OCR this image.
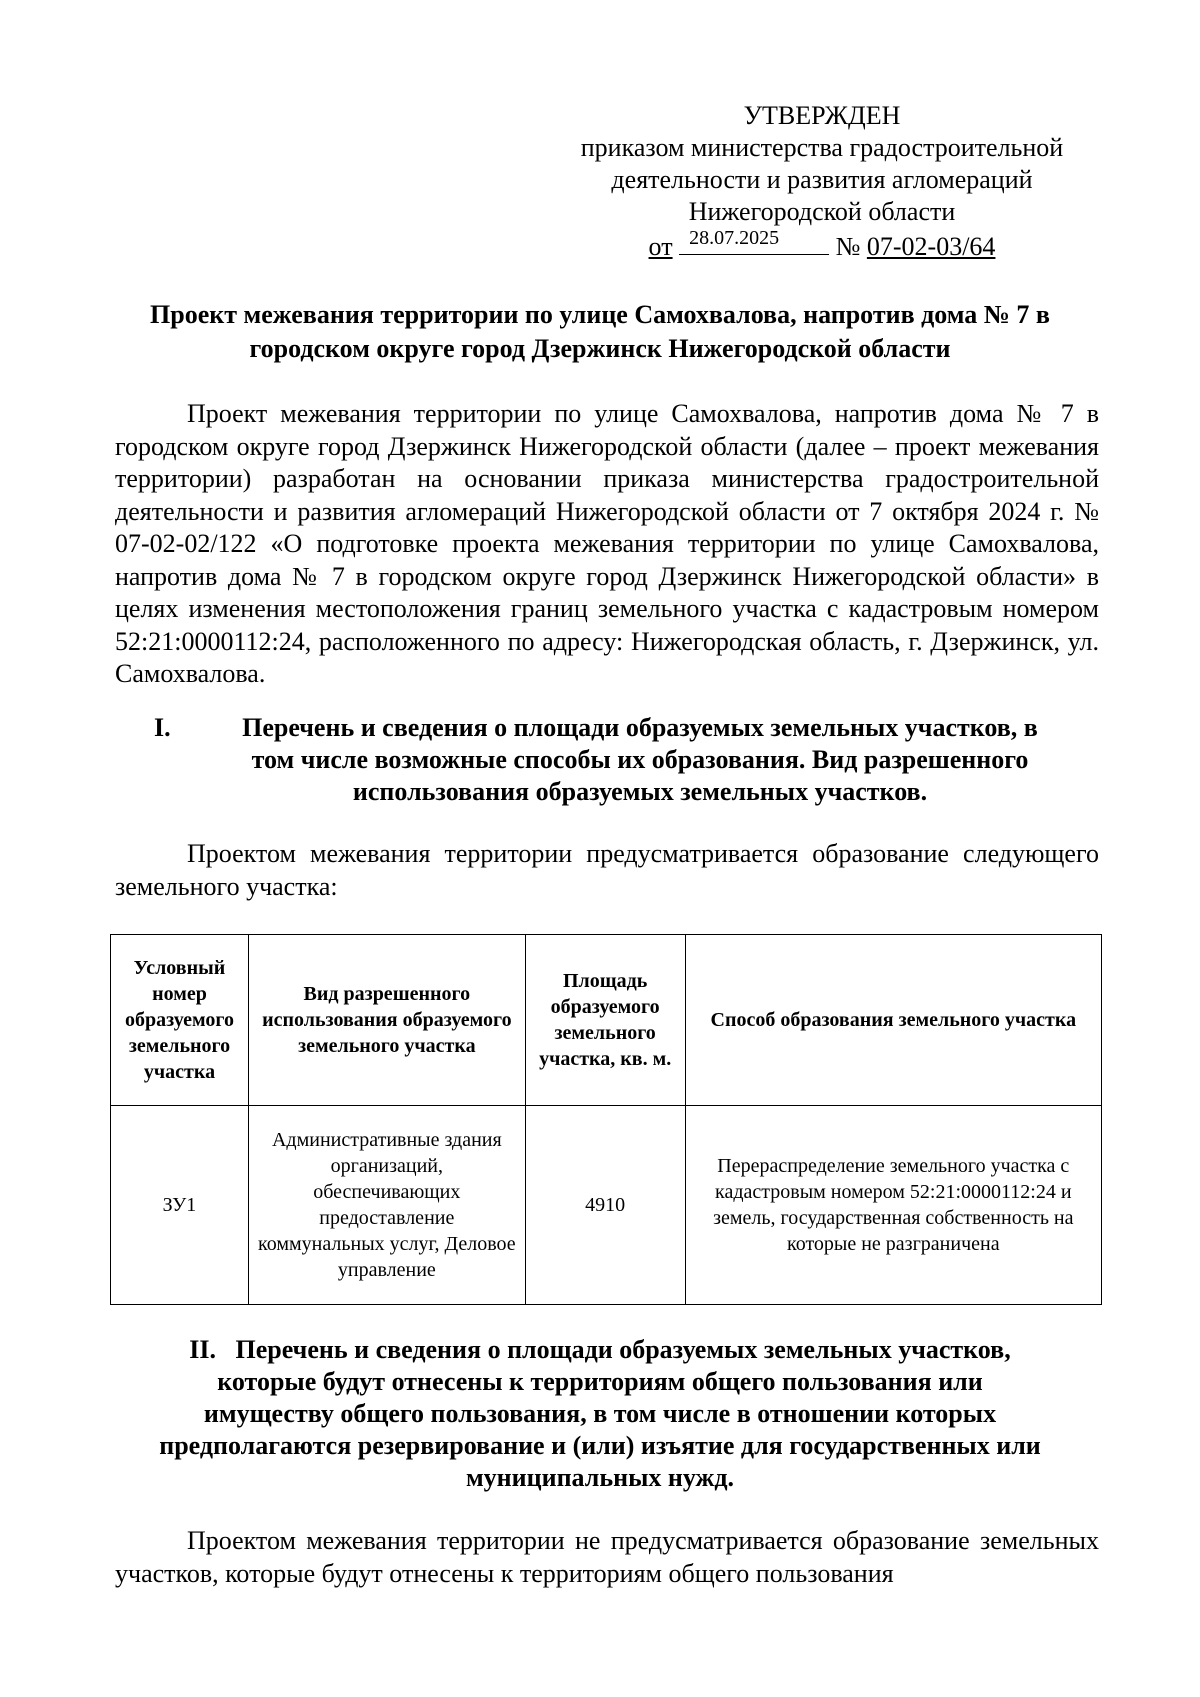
УТВЕРЖДЕН
приказом министерства градостроительной
деятельности и развития агломераций
Нижегородской области
от 28.07.2025 № 07-02-03/64
Проект межевания территории по улице Самохвалова, напротив дома № 7 в
городском округе город Дзержинск Нижегородской области
Проект межевания территории по улице Самохвалова, напротив дома № 7 в городском округе город Дзержинск Нижегородской области (далее – проект межевания территории) разработан на основании приказа министерства градостроительной деятельности и развития агломераций Нижегородской области от 7 октября 2024 г. № 07-02-02/122 «О подготовке проекта межевания территории по улице Самохвалова, напротив дома № 7 в городском округе город Дзержинск Нижегородской области» в целях изменения местоположения границ земельного участка с кадастровым номером 52:21:0000112:24, расположенного по адресу: Нижегородская область, г. Дзержинск, ул. Самохвалова.
I.	Перечень и сведения о площади образуемых земельных участков, в
том числе возможные способы их образования. Вид разрешенного
использования образуемых земельных участков.
Проектом межевания территории предусматривается образование следующего земельного участка:
Условный номер образуемого земельного участка	Вид разрешенного использования образуемого земельного участка	Площадь образуемого земельного участка, кв. м.	Способ образования земельного участка
ЗУ1	Административные здания организаций, обеспечивающих предоставление коммунальных услуг, Деловое управление	4910	Перераспределение земельного участка с кадастровым номером 52:21:0000112:24 и земель, государственная собственность на которые не разграничена
II. Перечень и сведения о площади образуемых земельных участков,
которые будут отнесены к территориям общего пользования или
имуществу общего пользования, в том числе в отношении которых
предполагаются резервирование и (или) изъятие для государственных или
муниципальных нужд.
Проектом межевания территории не предусматривается образование земельных участков, которые будут отнесены к территориям общего пользования
